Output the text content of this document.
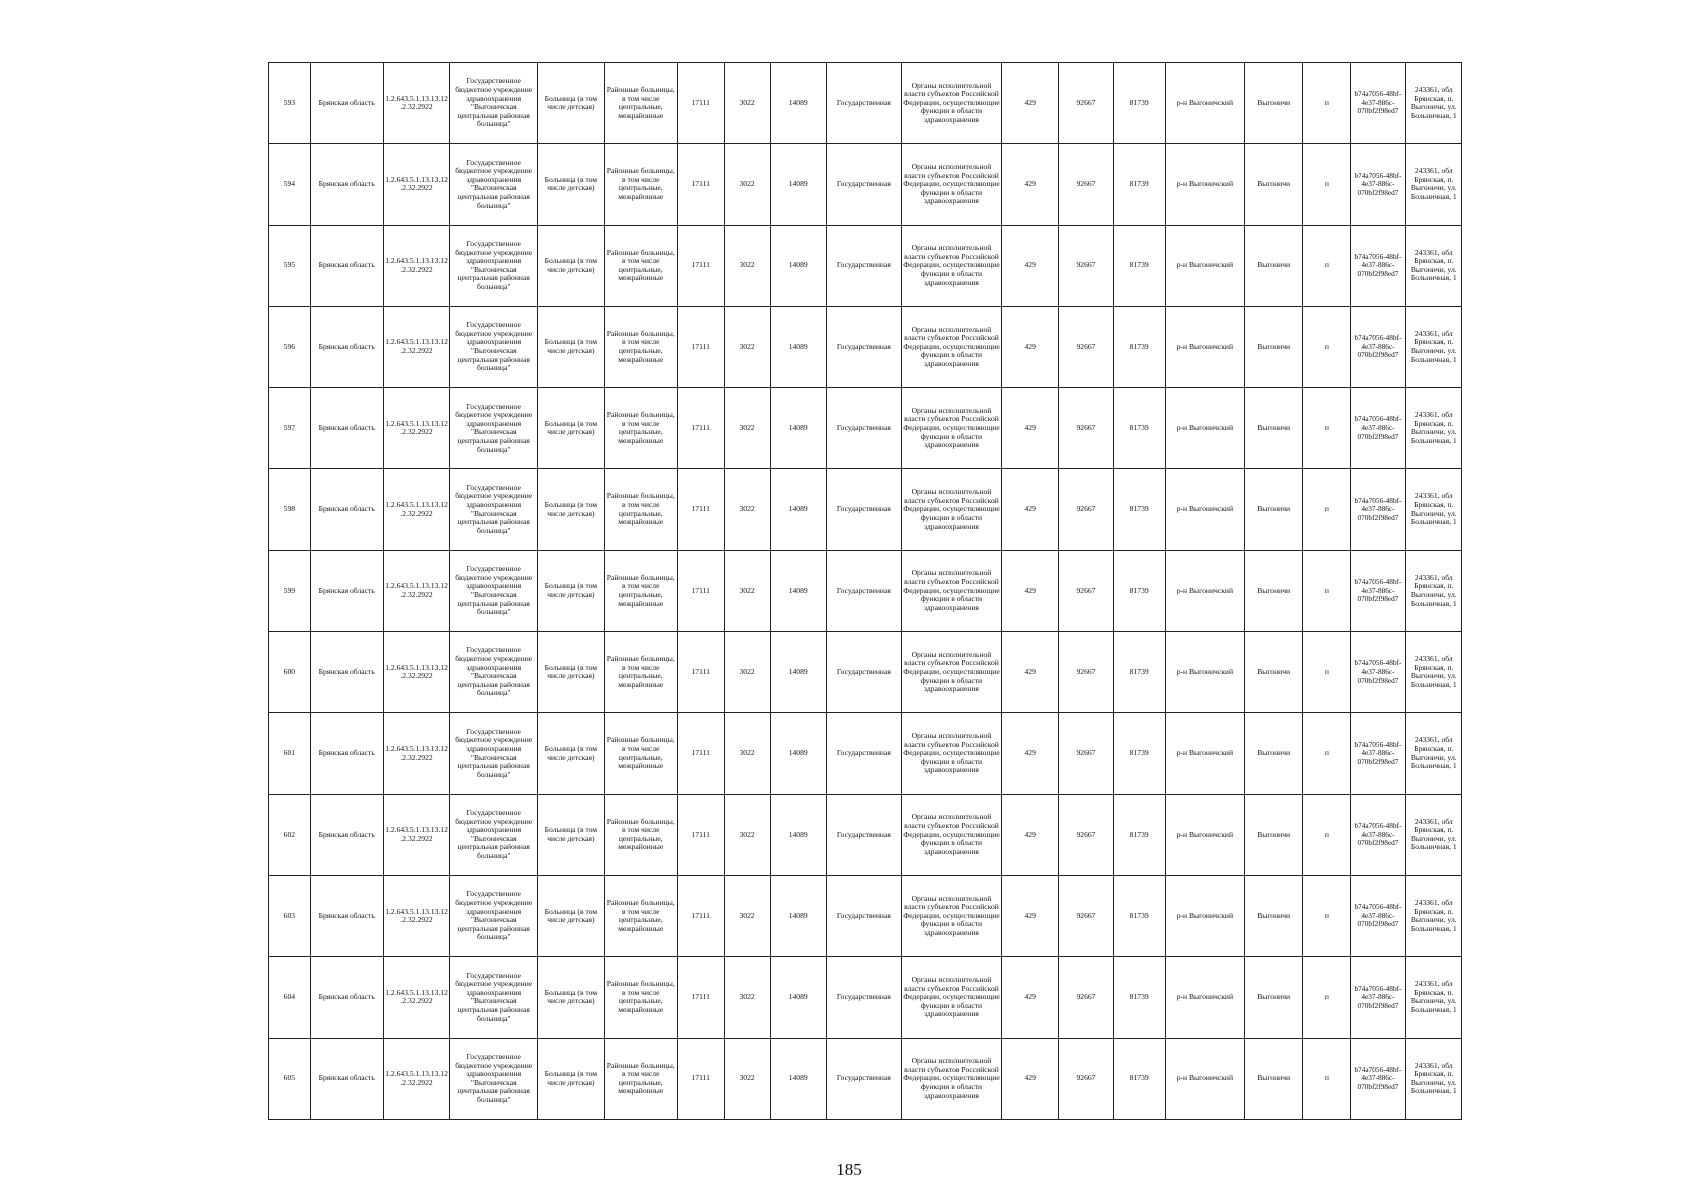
593	Брянская область	1.2.643.5.1.13.13.12.2.32.2922	Государственное бюджетное учреждение здравоохранения "Выгоничская центральная районная больница"	Больница (в том числе детская)	Районные больницы, в том числе центральные, межрайонные	17111	3022	14089	Государственная	Органы исполнительной власти субъектов Российской Федерации, осуществляющие функции в области здравоохранения	429	92667	81739	р-н Выгоничский	Выгоничи	п	b74a7056-48bf-4e37-886c-070bf2f98ed7	243361, обл Брянская, п. Выгоничи, ул. Больничная, 1
594	Брянская область	1.2.643.5.1.13.13.12.2.32.2922	Государственное бюджетное учреждение здравоохранения "Выгоничская центральная районная больница"	Больница (в том числе детская)	Районные больницы, в том числе центральные, межрайонные	17111	3022	14089	Государственная	Органы исполнительной власти субъектов Российской Федерации, осуществляющие функции в области здравоохранения	429	92667	81739	р-н Выгоничский	Выгоничи	п	b74a7056-48bf-4e37-886c-070bf2f98ed7	243361, обл Брянская, п. Выгоничи, ул. Больничная, 1
595	Брянская область	1.2.643.5.1.13.13.12.2.32.2922	Государственное бюджетное учреждение здравоохранения "Выгоничская центральная районная больница"	Больница (в том числе детская)	Районные больницы, в том числе центральные, межрайонные	17111	3022	14089	Государственная	Органы исполнительной власти субъектов Российской Федерации, осуществляющие функции в области здравоохранения	429	92667	81739	р-н Выгоничский	Выгоничи	п	b74a7056-48bf-4e37-886c-070bf2f98ed7	243361, обл Брянская, п. Выгоничи, ул. Больничная, 1
596	Брянская область	1.2.643.5.1.13.13.12.2.32.2922	Государственное бюджетное учреждение здравоохранения "Выгоничская центральная районная больница"	Больница (в том числе детская)	Районные больницы, в том числе центральные, межрайонные	17111	3022	14089	Государственная	Органы исполнительной власти субъектов Российской Федерации, осуществляющие функции в области здравоохранения	429	92667	81739	р-н Выгоничский	Выгоничи	п	b74a7056-48bf-4e37-886c-070bf2f98ed7	243361, обл Брянская, п. Выгоничи, ул. Больничная, 1
597	Брянская область	1.2.643.5.1.13.13.12.2.32.2922	Государственное бюджетное учреждение здравоохранения "Выгоничская центральная районная больница"	Больница (в том числе детская)	Районные больницы, в том числе центральные, межрайонные	17111	3022	14089	Государственная	Органы исполнительной власти субъектов Российской Федерации, осуществляющие функции в области здравоохранения	429	92667	81739	р-н Выгоничский	Выгоничи	п	b74a7056-48bf-4e37-886c-070bf2f98ed7	243361, обл Брянская, п. Выгоничи, ул. Больничная, 1
598	Брянская область	1.2.643.5.1.13.13.12.2.32.2922	Государственное бюджетное учреждение здравоохранения "Выгоничская центральная районная больница"	Больница (в том числе детская)	Районные больницы, в том числе центральные, межрайонные	17111	3022	14089	Государственная	Органы исполнительной власти субъектов Российской Федерации, осуществляющие функции в области здравоохранения	429	92667	81739	р-н Выгоничский	Выгоничи	п	b74a7056-48bf-4e37-886c-070bf2f98ed7	243361, обл Брянская, п. Выгоничи, ул. Больничная, 1
599	Брянская область	1.2.643.5.1.13.13.12.2.32.2922	Государственное бюджетное учреждение здравоохранения "Выгоничская центральная районная больница"	Больница (в том числе детская)	Районные больницы, в том числе центральные, межрайонные	17111	3022	14089	Государственная	Органы исполнительной власти субъектов Российской Федерации, осуществляющие функции в области здравоохранения	429	92667	81739	р-н Выгоничский	Выгоничи	п	b74a7056-48bf-4e37-886c-070bf2f98ed7	243361, обл Брянская, п. Выгоничи, ул. Больничная, 1
600	Брянская область	1.2.643.5.1.13.13.12.2.32.2922	Государственное бюджетное учреждение здравоохранения "Выгоничская центральная районная больница"	Больница (в том числе детская)	Районные больницы, в том числе центральные, межрайонные	17111	3022	14089	Государственная	Органы исполнительной власти субъектов Российской Федерации, осуществляющие функции в области здравоохранения	429	92667	81739	р-н Выгоничский	Выгоничи	п	b74a7056-48bf-4e37-886c-070bf2f98ed7	243361, обл Брянская, п. Выгоничи, ул. Больничная, 1
601	Брянская область	1.2.643.5.1.13.13.12.2.32.2922	Государственное бюджетное учреждение здравоохранения "Выгоничская центральная районная больница"	Больница (в том числе детская)	Районные больницы, в том числе центральные, межрайонные	17111	3022	14089	Государственная	Органы исполнительной власти субъектов Российской Федерации, осуществляющие функции в области здравоохранения	429	92667	81739	р-н Выгоничский	Выгоничи	п	b74a7056-48bf-4e37-886c-070bf2f98ed7	243361, обл Брянская, п. Выгоничи, ул. Больничная, 1
602	Брянская область	1.2.643.5.1.13.13.12.2.32.2922	Государственное бюджетное учреждение здравоохранения "Выгоничская центральная районная больница"	Больница (в том числе детская)	Районные больницы, в том числе центральные, межрайонные	17111	3022	14089	Государственная	Органы исполнительной власти субъектов Российской Федерации, осуществляющие функции в области здравоохранения	429	92667	81739	р-н Выгоничский	Выгоничи	п	b74a7056-48bf-4e37-886c-070bf2f98ed7	243361, обл Брянская, п. Выгоничи, ул. Больничная, 1
603	Брянская область	1.2.643.5.1.13.13.12.2.32.2922	Государственное бюджетное учреждение здравоохранения "Выгоничская центральная районная больница"	Больница (в том числе детская)	Районные больницы, в том числе центральные, межрайонные	17111	3022	14089	Государственная	Органы исполнительной власти субъектов Российской Федерации, осуществляющие функции в области здравоохранения	429	92667	81739	р-н Выгоничский	Выгоничи	п	b74a7056-48bf-4e37-886c-070bf2f98ed7	243361, обл Брянская, п. Выгоничи, ул. Больничная, 1
604	Брянская область	1.2.643.5.1.13.13.12.2.32.2922	Государственное бюджетное учреждение здравоохранения "Выгоничская центральная районная больница"	Больница (в том числе детская)	Районные больницы, в том числе центральные, межрайонные	17111	3022	14089	Государственная	Органы исполнительной власти субъектов Российской Федерации, осуществляющие функции в области здравоохранения	429	92667	81739	р-н Выгоничский	Выгоничи	п	b74a7056-48bf-4e37-886c-070bf2f98ed7	243361, обл Брянская, п. Выгоничи, ул. Больничная, 1
605	Брянская область	1.2.643.5.1.13.13.12.2.32.2922	Государственное бюджетное учреждение здравоохранения "Выгоничская центральная районная больница"	Больница (в том числе детская)	Районные больницы, в том числе центральные, межрайонные	17111	3022	14089	Государственная	Органы исполнительной власти субъектов Российской Федерации, осуществляющие функции в области здравоохранения	429	92667	81739	р-н Выгоничский	Выгоничи	п	b74a7056-48bf-4e37-886c-070bf2f98ed7	243361, обл Брянская, п. Выгоничи, ул. Больничная, 1
185
